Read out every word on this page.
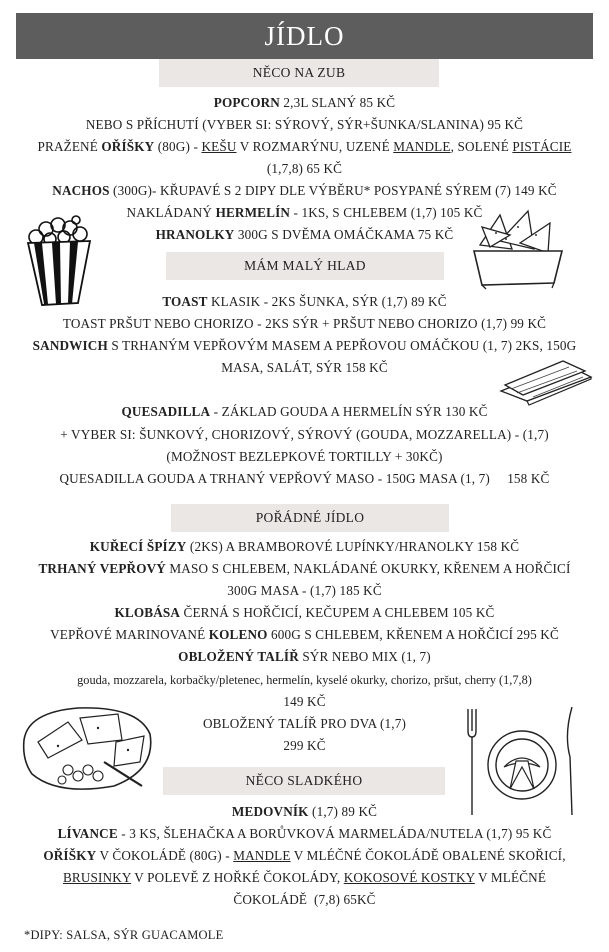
JÍDLO
NĚCO NA ZUB
POPCORN 2,3L SLANÝ 85 KČ
NEBO S PŘÍCHUTÍ (VYBER SI: SÝROVÝ, SÝR+ŠUNKA/SLANINA) 95 KČ
PRAŽENÉ OŘÍŠKY (80G) - KEŠU V ROZMARÝNU, UZENÉ MANDLE, SOLENÉ PISTÁCIE
(1,7,8) 65 KČ
NACHOS (300G)- KŘUPAVÉ S 2 DIPY DLE VÝBĚRU* POSYPANÉ SÝREM (7) 149 KČ
NAKLÁDANÝ HERMELÍN - 1KS, S CHLEBEM (1,7) 105 KČ
HRANOLKY 300G S DVĚMA OMÁČKAMA 75 KČ
MÁM MALÝ HLAD
TOAST KLASIK - 2KS ŠUNKA, SÝR (1,7) 89 KČ
TOAST PRŠUT NEBO CHORIZO - 2KS SÝR + PRŠUT NEBO CHORIZO (1,7) 99 KČ
SANDWICH S TRHANÝM VEPŘOVÝM MASEM A PEPŘOVOU OMÁČKOU (1, 7) 2KS, 150G
MASA, SALÁT, SÝR 158 KČ
QUESADILLA - ZÁKLAD GOUDA A HERMELÍN SÝR 130 KČ
+ VYBER SI: ŠUNKOVÝ, CHORIZOVÝ, SÝROVÝ (GOUDA, MOZZARELLA) - (1,7)
(MOŽNOST BEZLEPKOVÉ TORTILLY + 30KČ)
QUESADILLA GOUDA A TRHANÝ VEPŘOVÝ MASO - 150G MASA (1, 7)     158 KČ
POŘÁDNÉ JÍDLO
KUŘECÍ ŠPÍZY (2KS) A BRAMBOROVÉ LUPÍNKY/HRANOLKY 158 KČ
TRHANÝ VEPŘOVÝ MASO S CHLEBEM, NAKLÁDANÉ OKURKY, KŘENEM A HOŘČICÍ
300G MASA - (1,7) 185 KČ
KLOBÁSA ČERNÁ S HOŘČICÍ, KEČUPEM A CHLEBEM 105 KČ
VEPŘOVÉ MARINOVANÉ KOLENO 600G S CHLEBEM, KŘENEM A HOŘČICÍ 295 KČ
OBLOŽENÝ TALÍŘ SÝR NEBO MIX (1, 7)
gouda, mozzarela, korbačky/pletenec, hermelín, kyselé okurky, chorizo, pršut, cherry (1,7,8)
149 KČ
OBLOŽENÝ TALÍŘ PRO DVA (1,7)
299 KČ
NĚCO SLADKÉHO
MEDOVNÍK (1,7) 89 KČ
LÍVANCE - 3 KS, ŠLEHAČKA A BORŮVKOVÁ MARMELÁDA/NUTELA (1,7) 95 KČ
OŘÍŠKY V ČOKOLÁDĚ (80G) - MANDLE V MLÉČNÉ ČOKOLÁDĚ OBALENÉ SKOŘICÍ,
BRUSINKY V POLEVĚ Z HOŘKÉ ČOKOLÁDY, KOKOSOVÉ KOSTKY V MLÉČNÉ
ČOKOLÁDĚ  (7,8) 65KČ
*DIPY: SALSA, SÝR GUACAMOLE
